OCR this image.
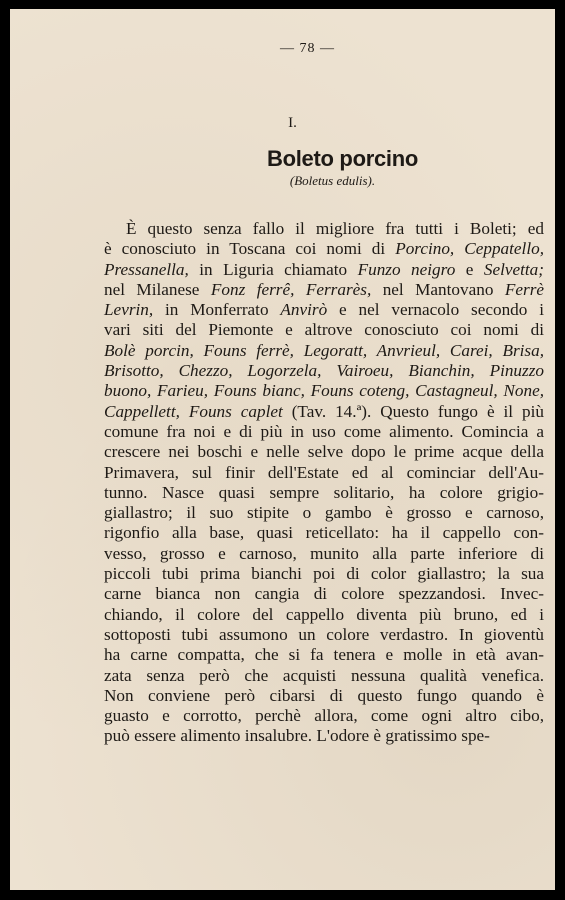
— 78 —
I.
Boleto porcino
(Boletus edulis).
È questo senza fallo il migliore fra tutti i Boleti; ed
è conosciuto in Toscana coi nomi di Porcino, Ceppatello,
Pressanella, in Liguria chiamato Funzo neigro e Selvetta;
nel Milanese Fonz ferrê, Ferrarès, nel Mantovano Ferrè
Levrin, in Monferrato Anvirò e nel vernacolo secondo i
vari siti del Piemonte e altrove conosciuto coi nomi di
Bolè porcin, Founs ferrè, Legoratt, Anvrieul, Carei, Brisa,
Brisotto, Chezzo, Logorzela, Vairoeu, Bianchin, Pinuzzo
buono, Farieu, Founs bianc, Founs coteng, Castagneul, None,
Cappellett, Founs caplet (Tav. 14.ª). Questo fungo è il più
comune fra noi e di più in uso come alimento. Comincia a
crescere nei boschi e nelle selve dopo le prime acque della
Primavera, sul finir dell'Estate ed al cominciar dell'Au-
tunno. Nasce quasi sempre solitario, ha colore grigio-
giallastro; il suo stipite o gambo è grosso e carnoso,
rigonfio alla base, quasi reticellato: ha il cappello con-
vesso, grosso e carnoso, munito alla parte inferiore di
piccoli tubi prima bianchi poi di color giallastro; la sua
carne bianca non cangia di colore spezzandosi. Invec-
chiando, il colore del cappello diventa più bruno, ed i
sottoposti tubi assumono un colore verdastro. In gioventù
ha carne compatta, che si fa tenera e molle in età avan-
zata senza però che acquisti nessuna qualità venefica.
Non conviene però cibarsi di questo fungo quando è
guasto e corrotto, perchè allora, come ogni altro cibo,
può essere alimento insalubre. L'odore è gratissimo spe-
